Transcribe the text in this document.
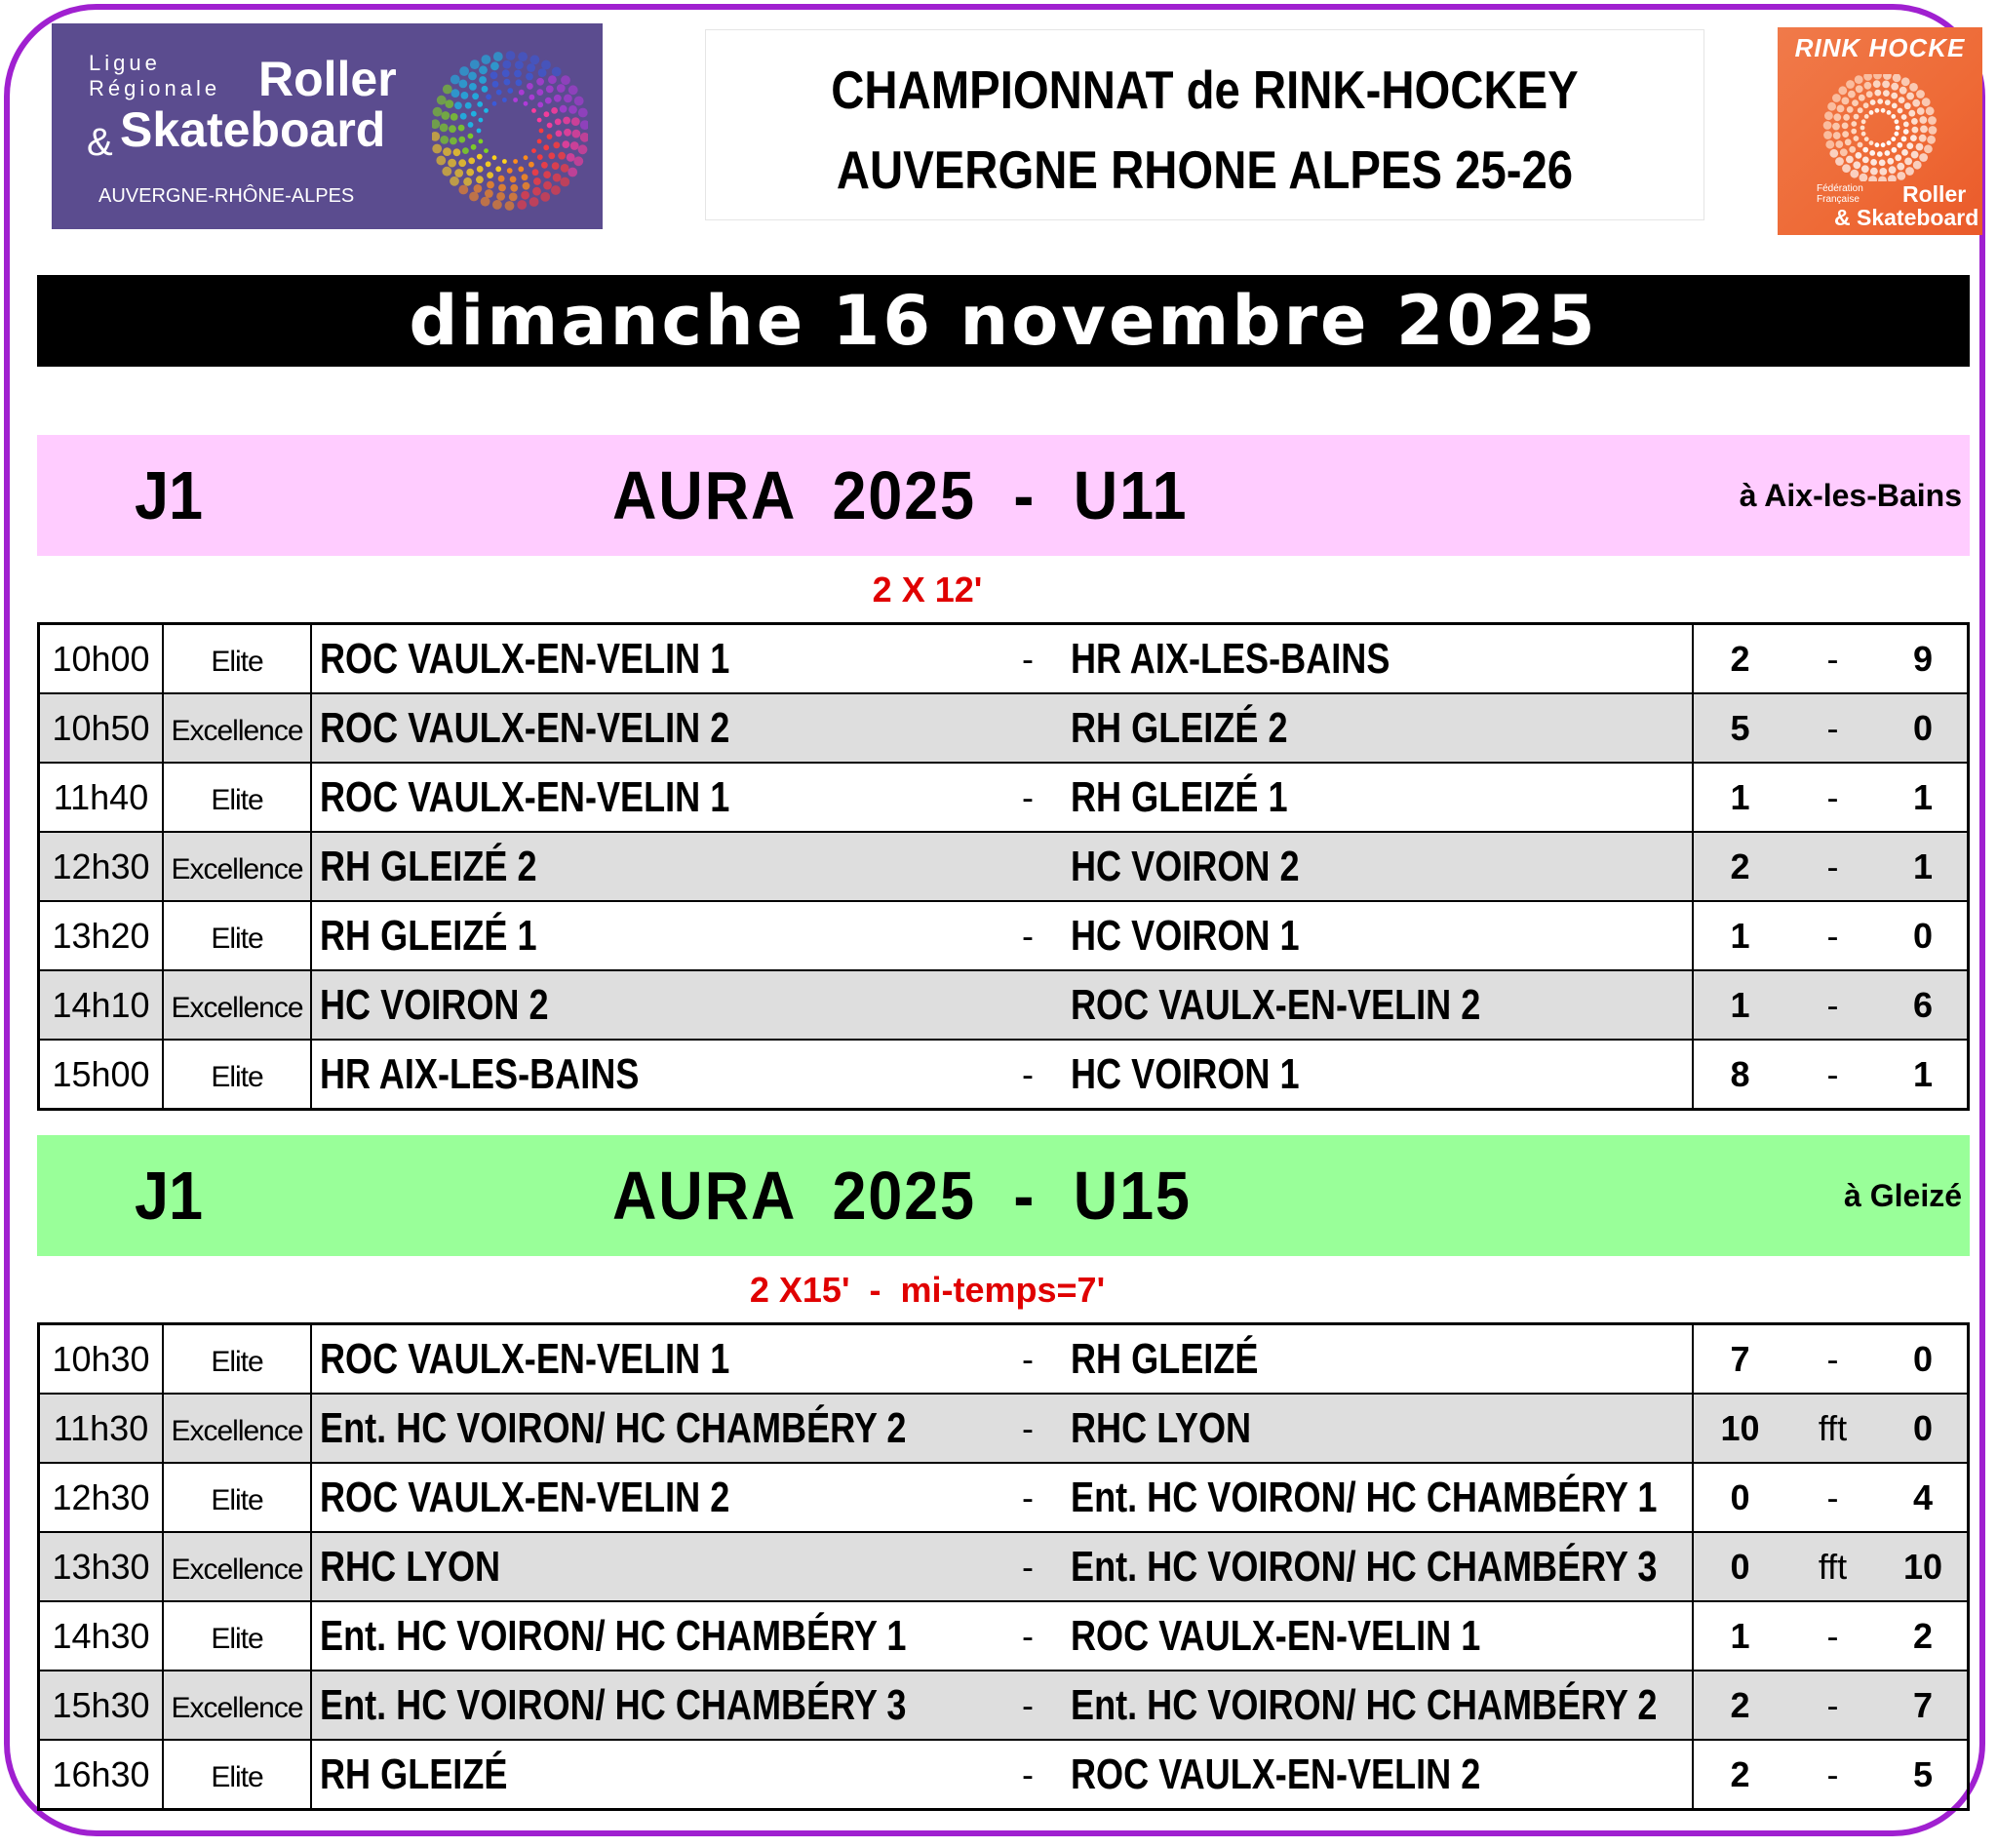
Ligue
Régionale Roller
& Skateboard
AUVERGNE-RHÔNE-ALPES
CHAMPIONNAT de RINK-HOCKEY
AUVERGNE RHONE ALPES 25-26
RINK HOCKE
Fédération Française	Roller
& Skateboard
dimanche 16 novembre 2025
J1	AURA  2025  -  U11	à Aix-les-Bains
2 X 12'
10h00	Elite	ROC VAULX-EN-VELIN 1	-	HR AIX-LES-BAINS	2	-	9
10h50	Excellence	ROC VAULX-EN-VELIN 2		RH GLEIZÉ 2	5	-	0
11h40	Elite	ROC VAULX-EN-VELIN 1	-	RH GLEIZÉ 1	1	-	1
12h30	Excellence	RH GLEIZÉ 2		HC VOIRON 2	2	-	1
13h20	Elite	RH GLEIZÉ 1	-	HC VOIRON 1	1	-	0
14h10	Excellence	HC VOIRON 2		ROC VAULX-EN-VELIN 2	1	-	6
15h00	Elite	HR AIX-LES-BAINS	-	HC VOIRON 1	8	-	1
J1	AURA  2025  -  U15	à Gleizé
2 X15'  -  mi-temps=7'
10h30	Elite	ROC VAULX-EN-VELIN 1	-	RH GLEIZÉ	7	-	0
11h30	Excellence	Ent. HC VOIRON/ HC CHAMBÉRY 2	-	RHC LYON	10	fft	0
12h30	Elite	ROC VAULX-EN-VELIN 2	-	Ent. HC VOIRON/ HC CHAMBÉRY 1	0	-	4
13h30	Excellence	RHC LYON	-	Ent. HC VOIRON/ HC CHAMBÉRY 3	0	fft	10
14h30	Elite	Ent. HC VOIRON/ HC CHAMBÉRY 1	-	ROC VAULX-EN-VELIN 1	1	-	2
15h30	Excellence	Ent. HC VOIRON/ HC CHAMBÉRY 3	-	Ent. HC VOIRON/ HC CHAMBÉRY 2	2	-	7
16h30	Elite	RH GLEIZÉ	-	ROC VAULX-EN-VELIN 2	2	-	5
